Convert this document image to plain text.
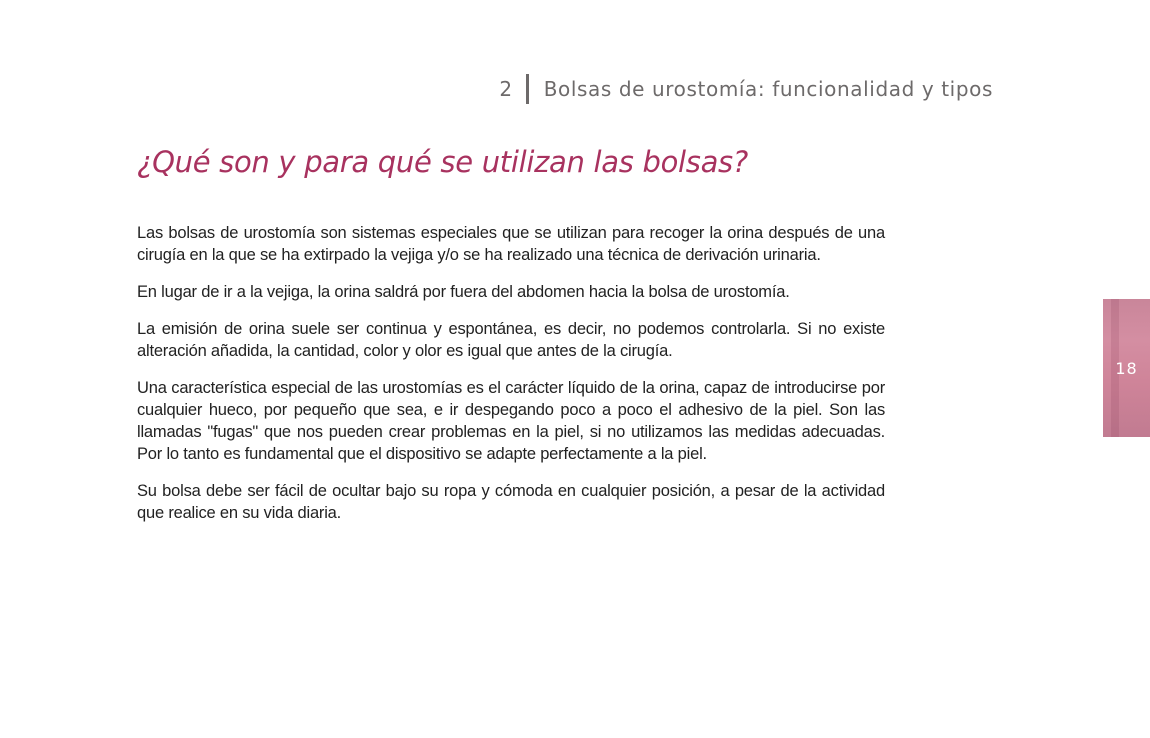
2 Bolsas de urostomía: funcionalidad y tipos
¿Qué son y para qué se utilizan las bolsas?

Las bolsas de urostomía son sistemas especiales que se utilizan para recoger la orina después de una cirugía en la que se ha extirpado la vejiga y/o se ha realizado una técnica de derivación urinaria.

En lugar de ir a la vejiga, la orina saldrá por fuera del abdomen hacia la bolsa de urostomía.

La emisión de orina suele ser continua y espontánea, es decir, no podemos controlarla. Si no existe alteración añadida, la cantidad, color y olor es igual que antes de la cirugía.

Una característica especial de las urostomías es el carácter líquido de la orina, capaz de introducirse por cualquier hueco, por pequeño que sea, e ir despegando poco a poco el adhesivo de la piel. Son las llamadas "fugas" que nos pueden crear problemas en la piel, si no utilizamos las medidas adecuadas. Por lo tanto es fundamental que el dispositivo se adapte perfectamente a la piel.

Su bolsa debe ser fácil de ocultar bajo su ropa y cómoda en cualquier posición, a pesar de la actividad que realice en su vida diaria.

18
